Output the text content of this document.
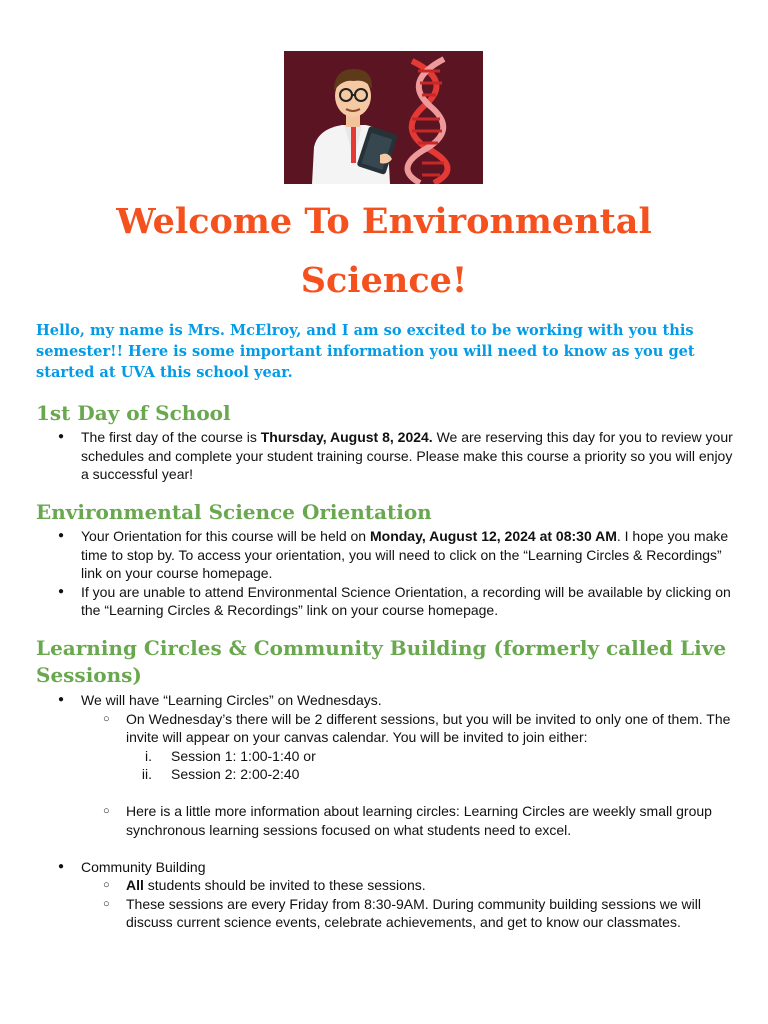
Welcome To Environmental Science!
Hello, my name is Mrs. McElroy, and I am so excited to be working with you this semester!! Here is some important information you will need to know as you get started at UVA this school year.
1st Day of School
● The first day of the course is Thursday, August 8, 2024. We are reserving this day for you to review your schedules and complete your student training course. Please make this course a priority so you will enjoy a successful year!
Environmental Science Orientation
● Your Orientation for this course will be held on Monday, August 12, 2024 at 08:30 AM. I hope you make time to stop by. To access your orientation, you will need to click on the “Learning Circles & Recordings” link on your course homepage.
● If you are unable to attend Environmental Science Orientation, a recording will be available by clicking on the “Learning Circles & Recordings” link on your course homepage.
Learning Circles & Community Building (formerly called Live Sessions)
● We will have “Learning Circles” on Wednesdays.
○ On Wednesday’s there will be 2 different sessions, but you will be invited to only one of them. The invite will appear on your canvas calendar. You will be invited to join either:
i. Session 1: 1:00-1:40 or
ii. Session 2: 2:00-2:40
○ Here is a little more information about learning circles: Learning Circles are weekly small group synchronous learning sessions focused on what students need to excel.
● Community Building
○ All students should be invited to these sessions.
○ These sessions are every Friday from 8:30-9AM. During community building sessions we will discuss current science events, celebrate achievements, and get to know our classmates.
